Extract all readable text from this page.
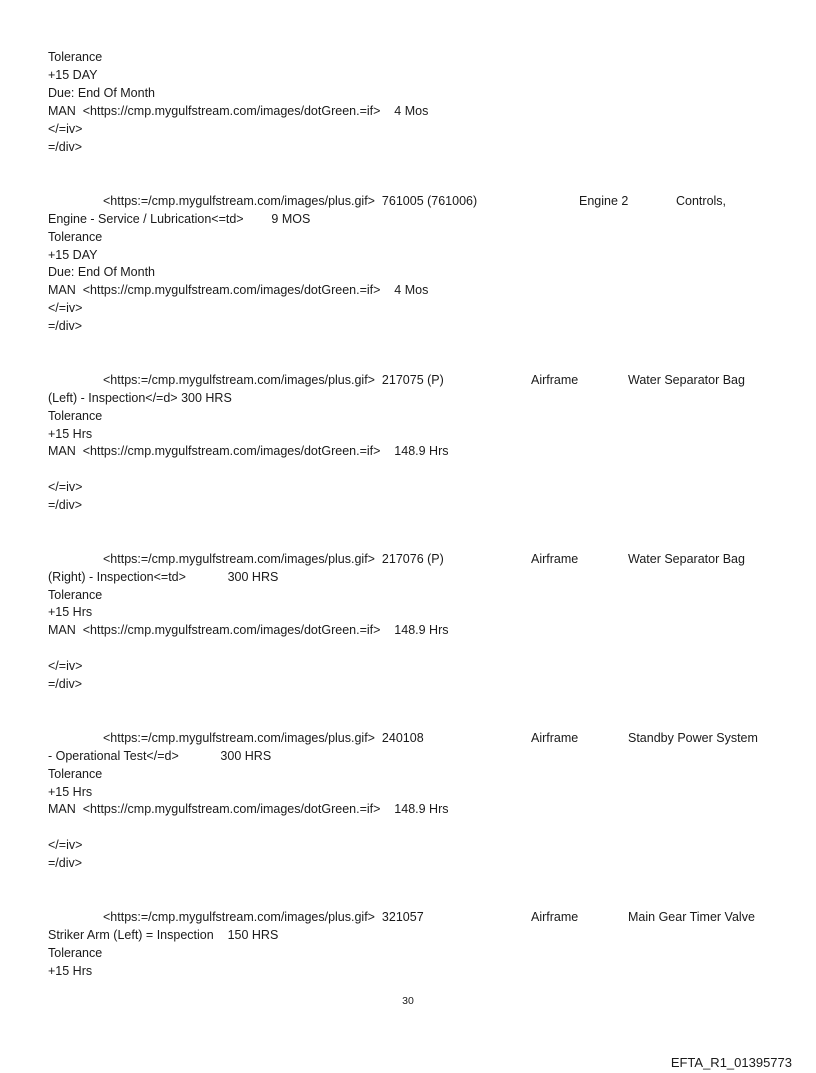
Tolerance
+15 DAY
Due: End Of Month
MAN  <https://cmp.mygulfstream.com/images/dotGreen.=if>    4 Mos
</=iv>
=/div>
<https:=/cmp.mygulfstream.com/images/plus.gif>  761005 (761006)	Engine 2	Controls,
Engine - Service / Lubrication<=td>        9 MOS
Tolerance
+15 DAY
Due: End Of Month
MAN  <https://cmp.mygulfstream.com/images/dotGreen.=if>    4 Mos
</=iv>
=/div>
<https:=/cmp.mygulfstream.com/images/plus.gif>  217075 (P)	Airframe	Water Separator Bag
(Left) - Inspection</=d> 300 HRS
Tolerance
+15 Hrs
MAN  <https://cmp.mygulfstream.com/images/dotGreen.=if>    148.9 Hrs
</=iv>
=/div>
<https:=/cmp.mygulfstream.com/images/plus.gif>  217076 (P)	Airframe	Water Separator Bag
(Right) - Inspection<=td>            300 HRS
Tolerance
+15 Hrs
MAN  <https://cmp.mygulfstream.com/images/dotGreen.=if>    148.9 Hrs
</=iv>
=/div>
<https:=/cmp.mygulfstream.com/images/plus.gif>  240108	Airframe	Standby Power System
- Operational Test</=d>            300 HRS
Tolerance
+15 Hrs
MAN  <https://cmp.mygulfstream.com/images/dotGreen.=if>    148.9 Hrs
</=iv>
=/div>
<https:=/cmp.mygulfstream.com/images/plus.gif>  321057	Airframe	Main Gear Timer Valve
Striker Arm (Left) = Inspection    150 HRS
Tolerance
+15 Hrs
30
EFTA_R1_01395773
